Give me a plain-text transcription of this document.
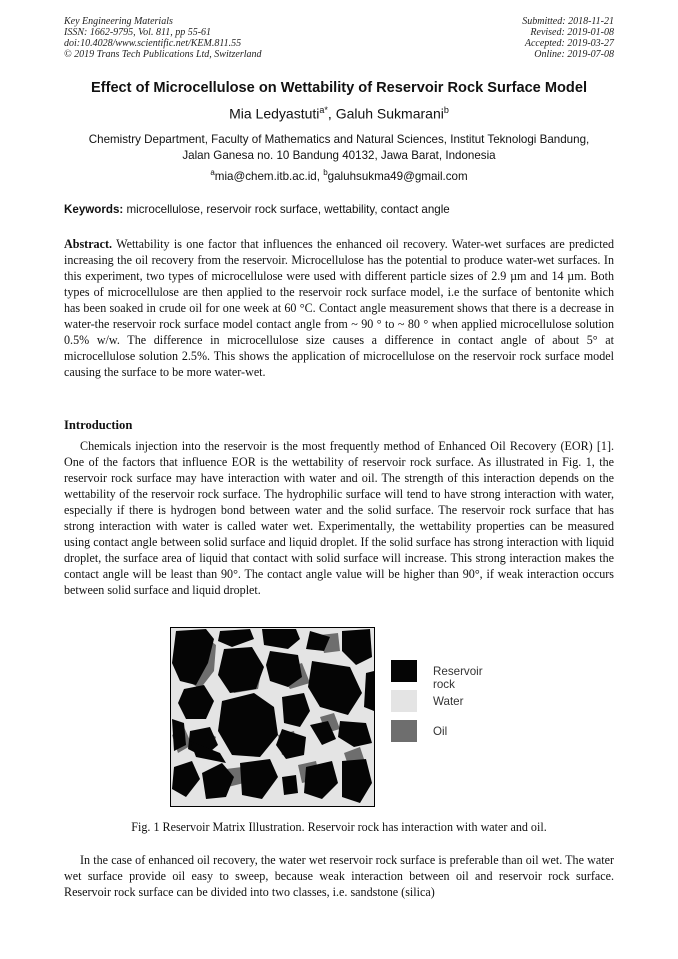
Key Engineering Materials
ISSN: 1662-9795, Vol. 811, pp 55-61
doi:10.4028/www.scientific.net/KEM.811.55
© 2019 Trans Tech Publications Ltd, Switzerland
Submitted: 2018-11-21
Revised: 2019-01-08
Accepted: 2019-03-27
Online: 2019-07-08
Effect of Microcellulose on Wettability of Reservoir Rock Surface Model
Mia Ledyastuti$^{a*}$, Galuh Sukmarani$^b$
Chemistry Department, Faculty of Mathematics and Natural Sciences, Institut Teknologi Bandung,
Jalan Ganesa no. 10 Bandung 40132, Jawa Barat, Indonesia
$^a$mia@chem.itb.ac.id, $^b$galuhsukma49@gmail.com
Keywords: microcellulose, reservoir rock surface, wettability, contact angle
Abstract. Wettability is one factor that influences the enhanced oil recovery. Water-wet surfaces are predicted increasing the oil recovery from the reservoir. Microcellulose has the potential to produce water-wet surfaces. In this experiment, two types of microcellulose were used with different particle sizes of 2.9 µm and 14 µm. Both types of microcellulose are then applied to the reservoir rock surface model, i.e the surface of bentonite which has been soaked in crude oil for one week at 60 °C. Contact angle measurement shows that there is a decrease in water-the reservoir rock surface model contact angle from ~ 90 ° to ~ 80 ° when applied microcellulose solution 0.5% w/w. The difference in microcellulose size causes a difference in contact angle of about 5° at microcellulose solution 2.5%. This shows the application of microcellulose on the reservoir rock surface model causing the surface to be more water-wet.
Introduction

Chemicals injection into the reservoir is the most frequently method of Enhanced Oil Recovery (EOR) [1]. One of the factors that influence EOR is the wettability of reservoir rock surface. As illustrated in Fig. 1, the reservoir rock surface may have interaction with water and oil. The strength of this interaction depends on the wettability of the reservoir rock surface. The hydrophilic surface will tend to have strong interaction with water, especially if there is hydrogen bond between water and the solid surface. The reservoir rock surface that has strong interaction with water is called water wet. Experimentally, the wettability properties can be measured using contact angle between solid surface and liquid droplet. If the solid surface has strong interaction with liquid droplet, the surface area of liquid that contact with solid surface will increase. This strong interaction makes the contact angle will be least than 90°. The contact angle value will be higher than 90°, if weak interaction occurs between solid surface and liquid droplet.

Reservoir rock
Water
Oil
Fig. 1 Reservoir Matrix Illustration. Reservoir rock has interaction with water and oil.

In the case of enhanced oil recovery, the water wet reservoir rock surface is preferable than oil wet. The water wet surface provide oil easy to sweep, because weak interaction between oil and reservoir rock surface. Reservoir rock surface can be divided into two classes, i.e. sandstone (silica)
